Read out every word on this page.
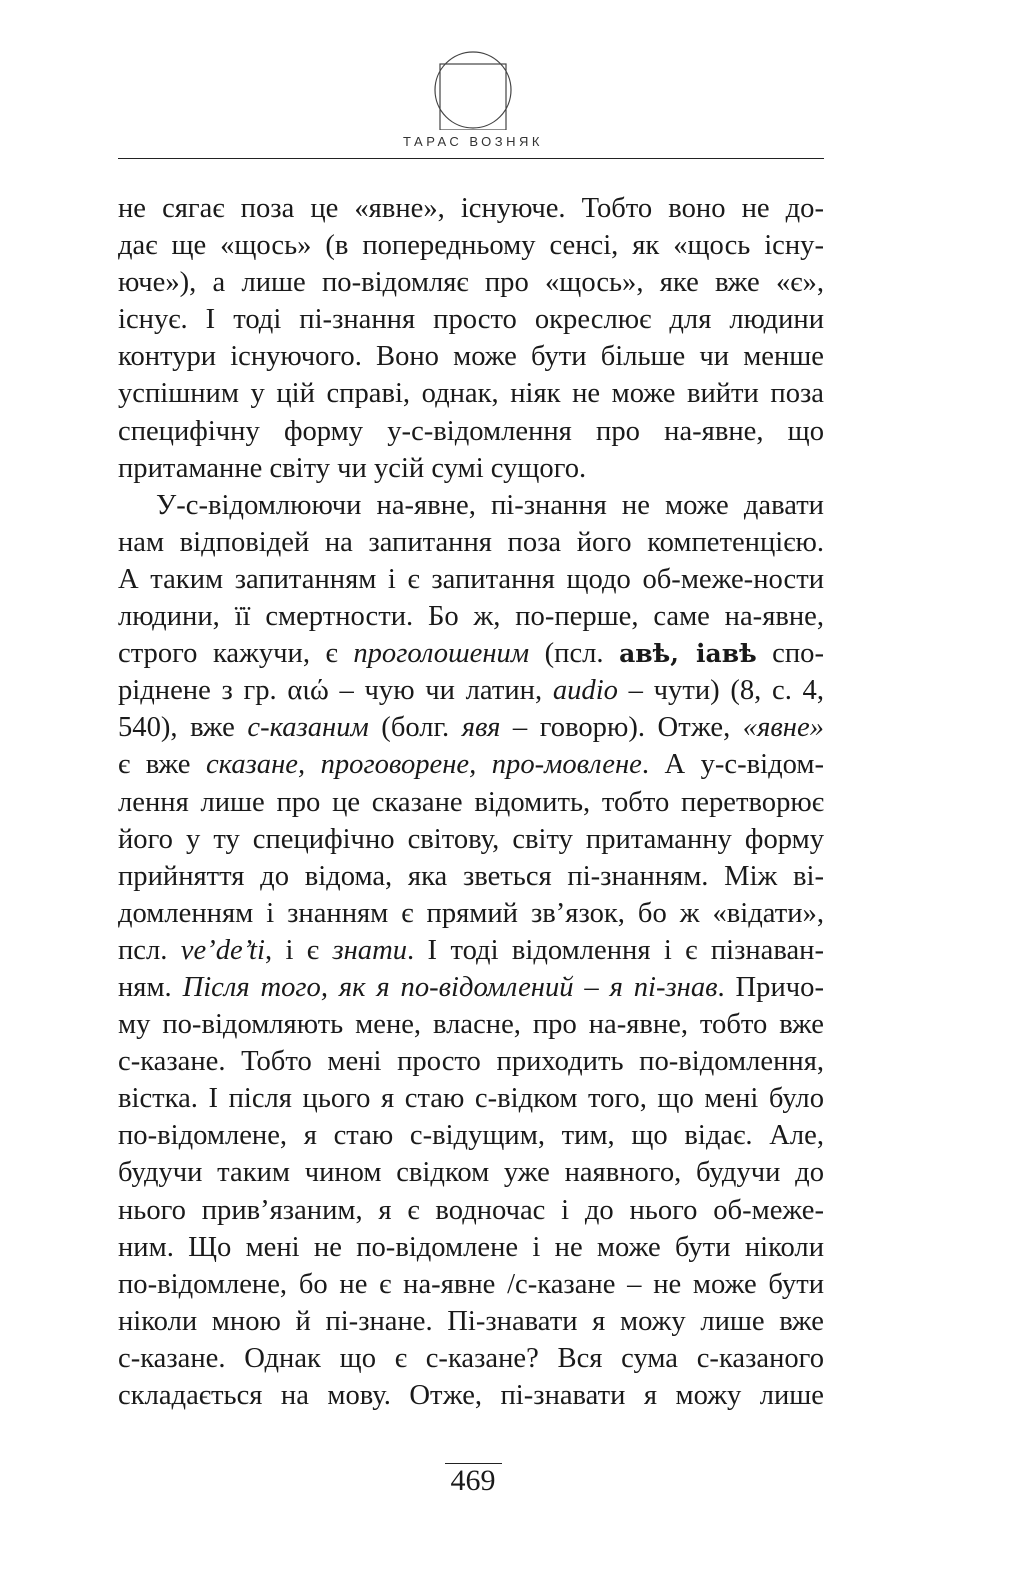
ТАРАС ВОЗНЯК
не сягає поза це «явне», існуюче. Тобто воно не до-
дає ще «щось» (в попередньому сенсі, як «щось існу-
юче»), а лише по-відомляє про «щось», яке вже «є»,
існує. І тоді пі-знання просто окреслює для людини
контури існуючого. Воно може бути більше чи менше
успішним у цій справі, однак, ніяк не може вийти поза
специфічну форму у-с-відомлення про на-явне, що
притаманне світу чи усій сумі сущого.
У-с-відомлюючи на-явне, пі-знання не може давати
нам відповідей на запитання поза його компетенцією.
А таким запитанням і є запитання щодо об-меже-ности
людини, її смертности. Бо ж, по-перше, саме на-явне,
строго кажучи, є проголошеним (псл. авѣ, іавѣ спо-
ріднене з гр. αιώ – чую чи латин, audio – чути) (8, с. 4,
540), вже с-казаним (болг. явя – говорю). Отже, «явне»
є вже сказане, проговорене, про-мовлене. А у-с-відом-
лення лише про це сказане відомить, тобто перетворює
його у ту специфічно світову, світу притаманну форму
прийняття до відома, яка зветься пі-знанням. Між ві-
домленням і знанням є прямий зв’язок, бо ж «відати»,
псл. ve’de’ti, і є знати. І тоді відомлення і є пізнаван-
ням. Після того, як я по-відомлений – я пі-знав. Причо-
му по-відомляють мене, власне, про на-явне, тобто вже
с-казане. Тобто мені просто приходить по-відомлення,
вістка. І після цього я стаю с-відком того, що мені було
по-відомлене, я стаю с-відущим, тим, що відає. Але,
будучи таким чином свідком уже наявного, будучи до
нього прив’язаним, я є водночас і до нього об-меже-
ним. Що мені не по-відомлене і не може бути ніколи
по-відомлене, бо не є на-явне /с-казане – не може бути
ніколи мною й пі-знане. Пі-знавати я можу лише вже
с-казане. Однак що є с-казане? Вся сума с-казаного
складається на мову. Отже, пі-знавати я можу лише
469
